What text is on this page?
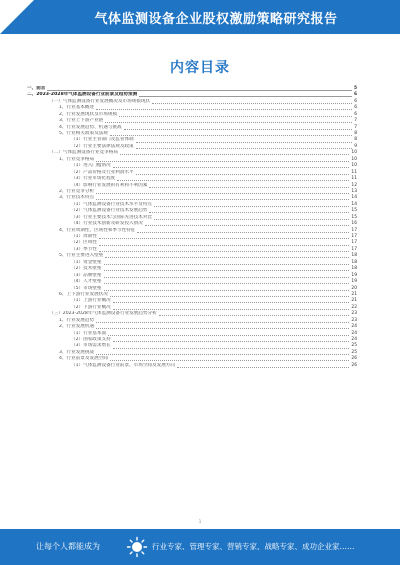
气体监测设备企业股权激励策略研究报告
内容目录
一、前言	5
二、2023-2028年气体监测设备行业前景及趋势预测	6
（一）气体监测设备行业发展概况及市场规模现状	6
1、行业基本概述	6
2、行业发展现状及市场规模	6
3、行业上下游产业链	7
4、行业发展趋势、机遇与挑战	7
5、行业相关政策及法规	8
（1）行业主管部门及监管体制	8
（2）行业主要法律法规及政策	9
（二）气体监测设备行业竞争格局	10
1、行业竞争格局	10
（1）进入门槛情况	10
（2）产品价格及行业利润水平	11
（3）行业市场化程度	11
（4）影响行业发展的有利和不利因素	12
2、行业竞争分析	13
3、行业技术特点	14
（1）气体监测设备行业技术水平及特点	14
（2）气体监测设备行业技术发展趋势	15
（3）行业主要技术与国际先进技术对比	15
（4）行业技术创新及研发投入情况	16
4、行业周期性、区域性和季节性特征	17
（1）周期性	17
（2）区域性	17
（3）季节性	17
5、行业主要进入壁垒	18
（1）资金壁垒	18
（2）技术壁垒	18
（3）品牌壁垒	19
（4）人才壁垒	19
（5）市场壁垒	20
6、上下游行业发展状况	21
（1）上游行业概况	21
（2）下游行业概况	22
（三）2023-2028年气体监测设备行业发展趋势分析	23
1、行业发展趋势	23
2、行业发展机遇	24
（1）行业基本面	24
（2）国家政策支持	24
（3）市场需求增长	25
3、行业发展挑战	25
4、行业前景及发展空间	26
（1）气体监测设备行业前景、市场空间及发展方向	26
1
让每个人都能成为	行业专家、管理专家、营销专家、战略专家、成功企业家……
